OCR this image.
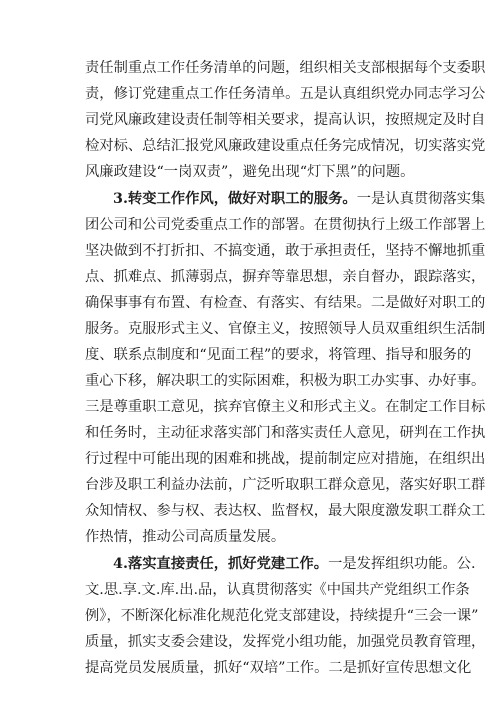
责任制重点工作任务清单的问题，组织相关支部根据每个支委职
责，修订党建重点工作任务清单。五是认真组织党办同志学习公
司党风廉政建设责任制等相关要求，提高认识，按照规定及时自
检对标、总结汇报党风廉政建设重点任务完成情况，切实落实党
风廉政建设“一岗双责”，避免出现“灯下黑”的问题。
3.转变工作作风，做好对职工的服务。一是认真贯彻落实集
团公司和公司党委重点工作的部署。在贯彻执行上级工作部署上
坚决做到不打折扣、不搞变通，敢于承担责任，坚持不懈地抓重
点、抓难点、抓薄弱点，摒弃等靠思想，亲自督办，跟踪落实，
确保事事有布置、有检查、有落实、有结果。二是做好对职工的
服务。克服形式主义、官僚主义，按照领导人员双重组织生活制
度、联系点制度和“见面工程”的要求，将管理、指导和服务的
重心下移，解决职工的实际困难，积极为职工办实事、办好事。
三是尊重职工意见，摈弃官僚主义和形式主义。在制定工作目标
和任务时，主动征求落实部门和落实责任人意见，研判在工作执
行过程中可能出现的困难和挑战，提前制定应对措施，在组织出
台涉及职工利益办法前，广泛听取职工群众意见，落实好职工群
众知情权、参与权、表达权、监督权，最大限度激发职工群众工
作热情，推动公司高质量发展。
4.落实直接责任，抓好党建工作。一是发挥组织功能。公.
文.思.享.文.库.出.品，认真贯彻落实《中国共产党组织工作条
例》，不断深化标准化规范化党支部建设，持续提升“三会一课”
质量，抓实支委会建设，发挥党小组功能，加强党员教育管理，
提高党员发展质量，抓好“双培”工作。二是抓好宣传思想文化
